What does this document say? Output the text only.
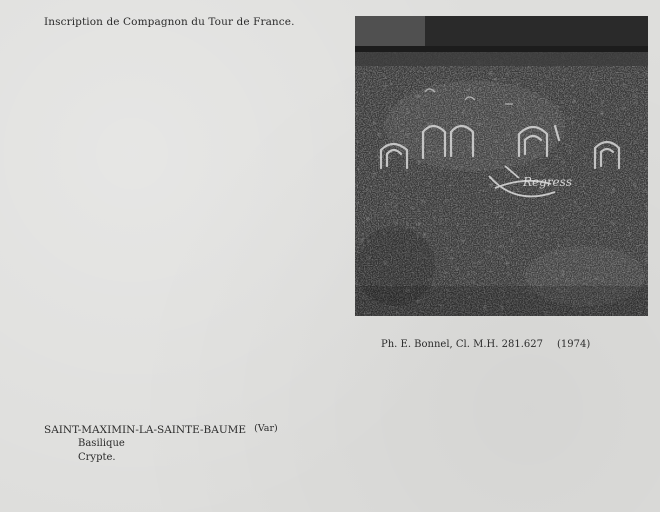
Inscription de Compagnon du Tour de France.
Regress
Ph. E. Bonnel, Cl. M.H. 281.627 (1974)
SAINT-MAXIMIN-LA-SAINTE-BAUME (Var)
Basilique
Crypte.
